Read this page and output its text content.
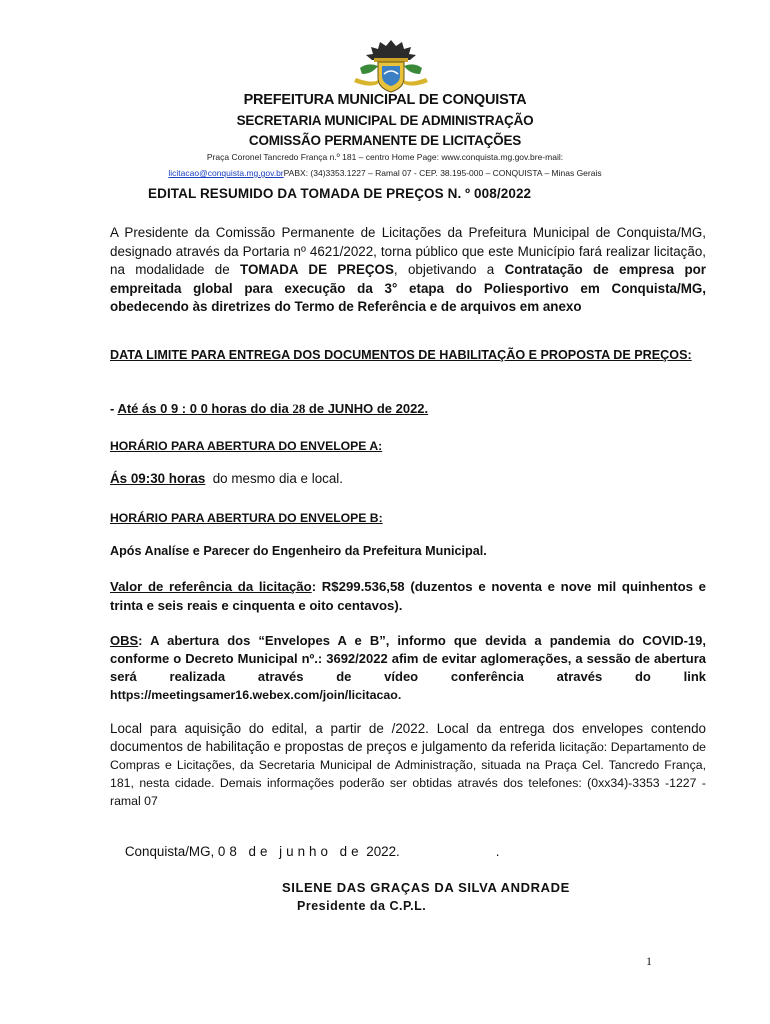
PREFEITURA MUNICIPAL DE CONQUISTA
SECRETARIA MUNICIPAL DE ADMINISTRAÇÃO
COMISSÃO PERMANENTE DE LICITAÇÕES
Praça Coronel Tancredo França n.º 181 – centro Home Page: www.conquista.mg.gov.bre-mail:
licitacao@conquista.mg.gov.brPABX: (34)3353.1227 – Ramal 07 - CEP. 38.195-000 – CONQUISTA – Minas Gerais
EDITAL RESUMIDO DA TOMADA DE PREÇOS N. º 008/2022
A Presidente da Comissão Permanente de Licitações da Prefeitura Municipal de Conquista/MG, designado através da Portaria nº 4621/2022, torna público que este Município fará realizar licitação, na modalidade de TOMADA DE PREÇOS, objetivando a Contratação de empresa por empreitada global para execução da 3° etapa do Poliesportivo em Conquista/MG, obedecendo às diretrizes do Termo de Referência e de arquivos em anexo
DATA LIMITE PARA ENTREGA DOS DOCUMENTOS DE HABILITAÇÃO E PROPOSTA DE PREÇOS:
- Até ás 0 9 : 0 0 horas do dia 28 de JUNHO de 2022.
HORÁRIO PARA ABERTURA DO ENVELOPE A:
Ás 09:30 horas  do mesmo dia e local.
HORÁRIO PARA ABERTURA DO ENVELOPE B:
Após Analíse e Parecer do Engenheiro da Prefeitura Municipal.
Valor de referência da licitação: R$299.536,58 (duzentos e noventa e nove mil quinhentos e trinta e seis reais e cinquenta e oito centavos).
OBS: A abertura dos “Envelopes A e B”, informo que devida a pandemia do COVID-19, conforme o Decreto Municipal nº.: 3692/2022 afim de evitar aglomerações, a sessão de abertura será realizada através de vídeo conferência através do link https://meetingsamer16.webex.com/join/licitacao.
Local para aquisição do edital, a partir de /2022. Local da entrega dos envelopes contendo documentos de habilitação e propostas de preços e julgamento da referida licitação: Departamento de Compras e Licitações, da Secretaria Municipal de Administração, situada na Praça Cel. Tancredo França, 181, nesta cidade. Demais informações poderão ser obtidas através dos telefones: (0xx34)-3353 -1227 - ramal 07

Conquista/MG, 08 de junho de 2022.	.

SILENE DAS GRAÇAS DA SILVA ANDRADE
Presidente da C.P.L.
1
